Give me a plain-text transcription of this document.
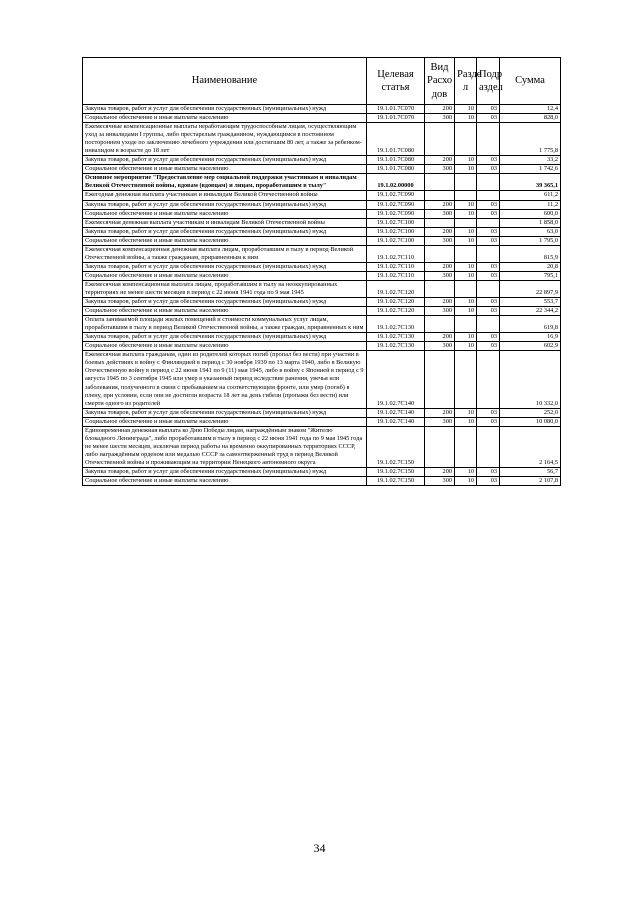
Наименование	Целевая статья	Вид Расхо дов	Разде л	Подр аздел	Сумма
Закупка товаров, работ и услуг для обеспечения государственных (муниципальных) нужд	19.1.01.7С070	200	10	03	12,4
Социальное обеспечение и иные выплаты населению	19.1.01.7С070	300	10	03	828,0
Ежемесячные компенсационные выплаты неработающим трудоспособным лицам, осуществляющим уход за инвалидами I группы, либо престарелым гражданином, нуждающимся в постоянном постороннем уходе по заключению лечебного учреждения или достигшим 80 лет, а также за ребенком-инвалидом в возрасте до 18 лет	19.1.01.7С080				1 775,8
Закупка товаров, работ и услуг для обеспечения государственных (муниципальных) нужд	19.1.01.7С080	200	10	03	33,2
Социальное обеспечение и иные выплаты населению	19.1.01.7С080	300	10	03	1 742,6
Основное мероприятие "Предоставление мер социальной поддержки участникам и инвалидам Великой Отечественной войны, вдовам (вдовцам) и лицам, проработавшим в тылу"	19.1.02.00000				39 365,1
Ежегодная денежная выплата участникам и инвалидам Великой Отечественной войны	19.1.02.7С090				611,2
Закупка товаров, работ и услуг для обеспечения государственных (муниципальных) нужд	19.1.02.7С090	200	10	03	11,2
Социальное обеспечение и иные выплаты населению	19.1.02.7С090	300	10	03	600,0
Ежемесячная денежная выплата участникам и инвалидам Великой Отечественной войны	19.1.02.7С100				1 858,0
Закупка товаров, работ и услуг для обеспечения государственных (муниципальных) нужд	19.1.02.7С100	200	10	03	63,0
Социальное обеспечение и иные выплаты населению	19.1.02.7С100	300	10	03	1 795,0
Ежемесячная компенсационная денежная выплата лицам, проработавшим в тылу в период Великой Отечественной войны, а также гражданам, приравненным к ним	19.1.02.7С110				815,9
Закупка товаров, работ и услуг для обеспечения государственных (муниципальных) нужд	19.1.02.7С110	200	10	03	20,8
Социальное обеспечение и иные выплаты населению	19.1.02.7С110	300	10	03	795,1
Ежемесячная компенсационная выплата лицам, проработавшим в тылу на неоккупированных территориях не менее шести месяцев в период с 22 июня 1941 года по 9 мая 1945	19.1.02.7С120				22 897,9
Закупка товаров, работ и услуг для обеспечения государственных (муниципальных) нужд	19.1.02.7С120	200	10	03	553,7
Социальное обеспечение и иные выплаты населению	19.1.02.7С120	300	10	03	22 344,2
Оплата занимаемой площади жилых помещений и стоимости коммунальных услуг лицам, проработавшим в тылу в период Великой Отечественной войны, а также граждан, приравненных к ним	19.1.02.7С130				619,8
Закупка товаров, работ и услуг для обеспечения государственных (муниципальных) нужд	19.1.02.7С130	200	10	03	16,9
Социальное обеспечение и иные выплаты населению	19.1.02.7С130	300	10	03	602,9
Ежемесячная выплата гражданам, один из родителей которых погиб (пропал без вести) при участии в боевых действиях в войну с Финляндией в период с 30 ноября 1939 по 13 марта 1940, либо в Великую Отечественную войну в период с 22 июня 1941 по 9 (11) мая 1945, либо в войну с Японией в период с 9 августа 1945 по 3 сентября 1945 или умер в указанный период вследствие ранения, увечья или заболевания, полученного в связи с пребыванием на соответствующем фронте, или умер (погиб) в плену, при условии, если они не достигли возраста 18 лет на день гибели (пропажи без вести) или смерти одного из родителей	19.1.02.7С140				10 332,0
Закупка товаров, работ и услуг для обеспечения государственных (муниципальных) нужд	19.1.02.7С140	200	10	03	252,0
Социальное обеспечение и иные выплаты населению	19.1.02.7С140	300	10	03	10 080,0
Единовременная денежная выплата ко Дню Победы лицам, награждённым знаком "Жителю блокадного Ленинграда", либо проработавшим в тылу в период с 22 июня 1941 года по 9 мая 1945 года не менее шести месяцев, исключая период работы на временно оккупированных территориях СССР, либо награждённым орденом или медалью СССР за самоотверженный труд в период Великой Отечественной войны и проживающим на территории Ненецкого автономного округа	19.1.02.7С150				2 164,5
Закупка товаров, работ и услуг для обеспечения государственных (муниципальных) нужд	19.1.02.7С150	200	10	03	56,7
Социальное обеспечение и иные выплаты населению	19.1.02.7С150	300	10	03	2 107,8
34
